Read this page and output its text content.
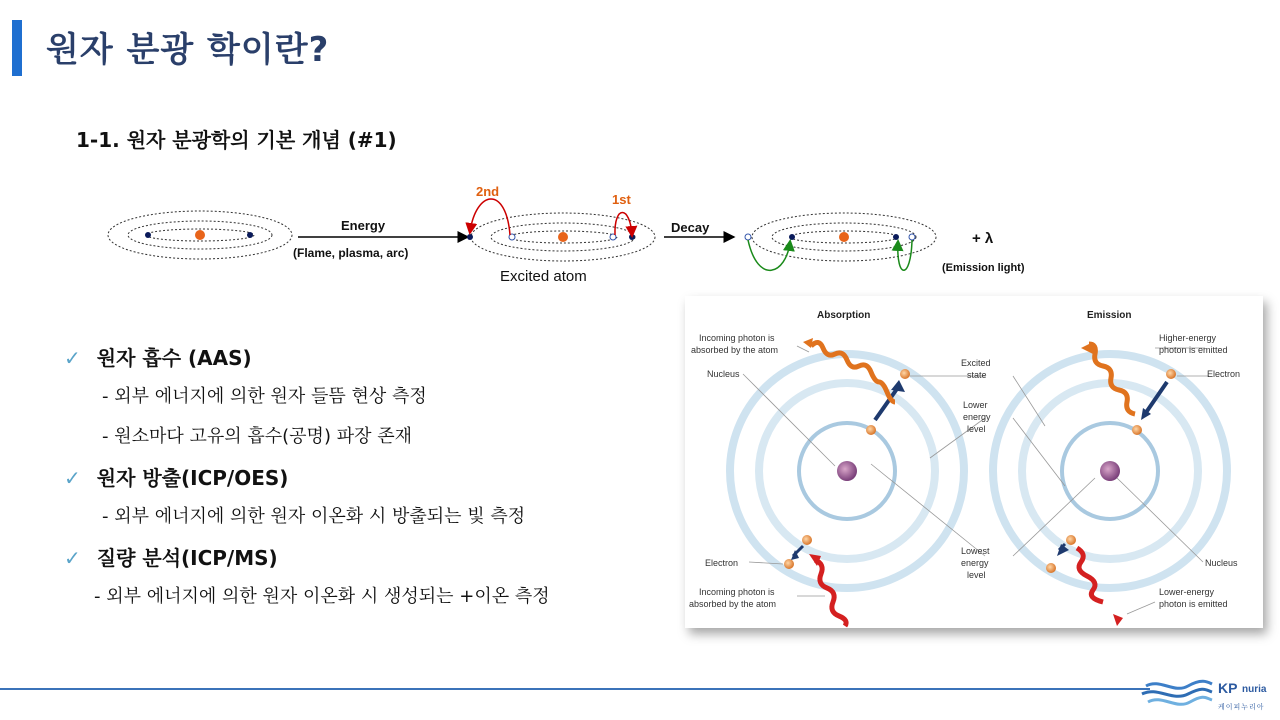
원자 분광 학이란?
1-1. 원자 분광학의 기본 개념 (#1)
Energy
(Flame, plasma, arc)
2nd
1st
Excited atom
Decay
+ λ
(Emission light)
✓ 원자 흡수 (AAS)
- 외부 에너지에 의한 원자 들뜸 현상 측정
- 원소마다 고유의 흡수(공명) 파장 존재
✓ 원자 방출(ICP/OES)
- 외부 에너지에 의한 원자 이온화 시 방출되는 빛 측정
✓ 질량 분석(ICP/MS)
- 외부 에너지에 의한 원자 이온화 시 생성되는 +이온 측정
Absorption	Emission
Incoming photon is
absorbed by the atom
Nucleus
Excited
state
Lower
energy
level
Lowest
energy
level
Electron
Incoming photon is
absorbed by the atom
Higher-energy
photon is emitted
Electron
Nucleus
Lower-energy
photon is emitted
KP nuria
케이피누리아
